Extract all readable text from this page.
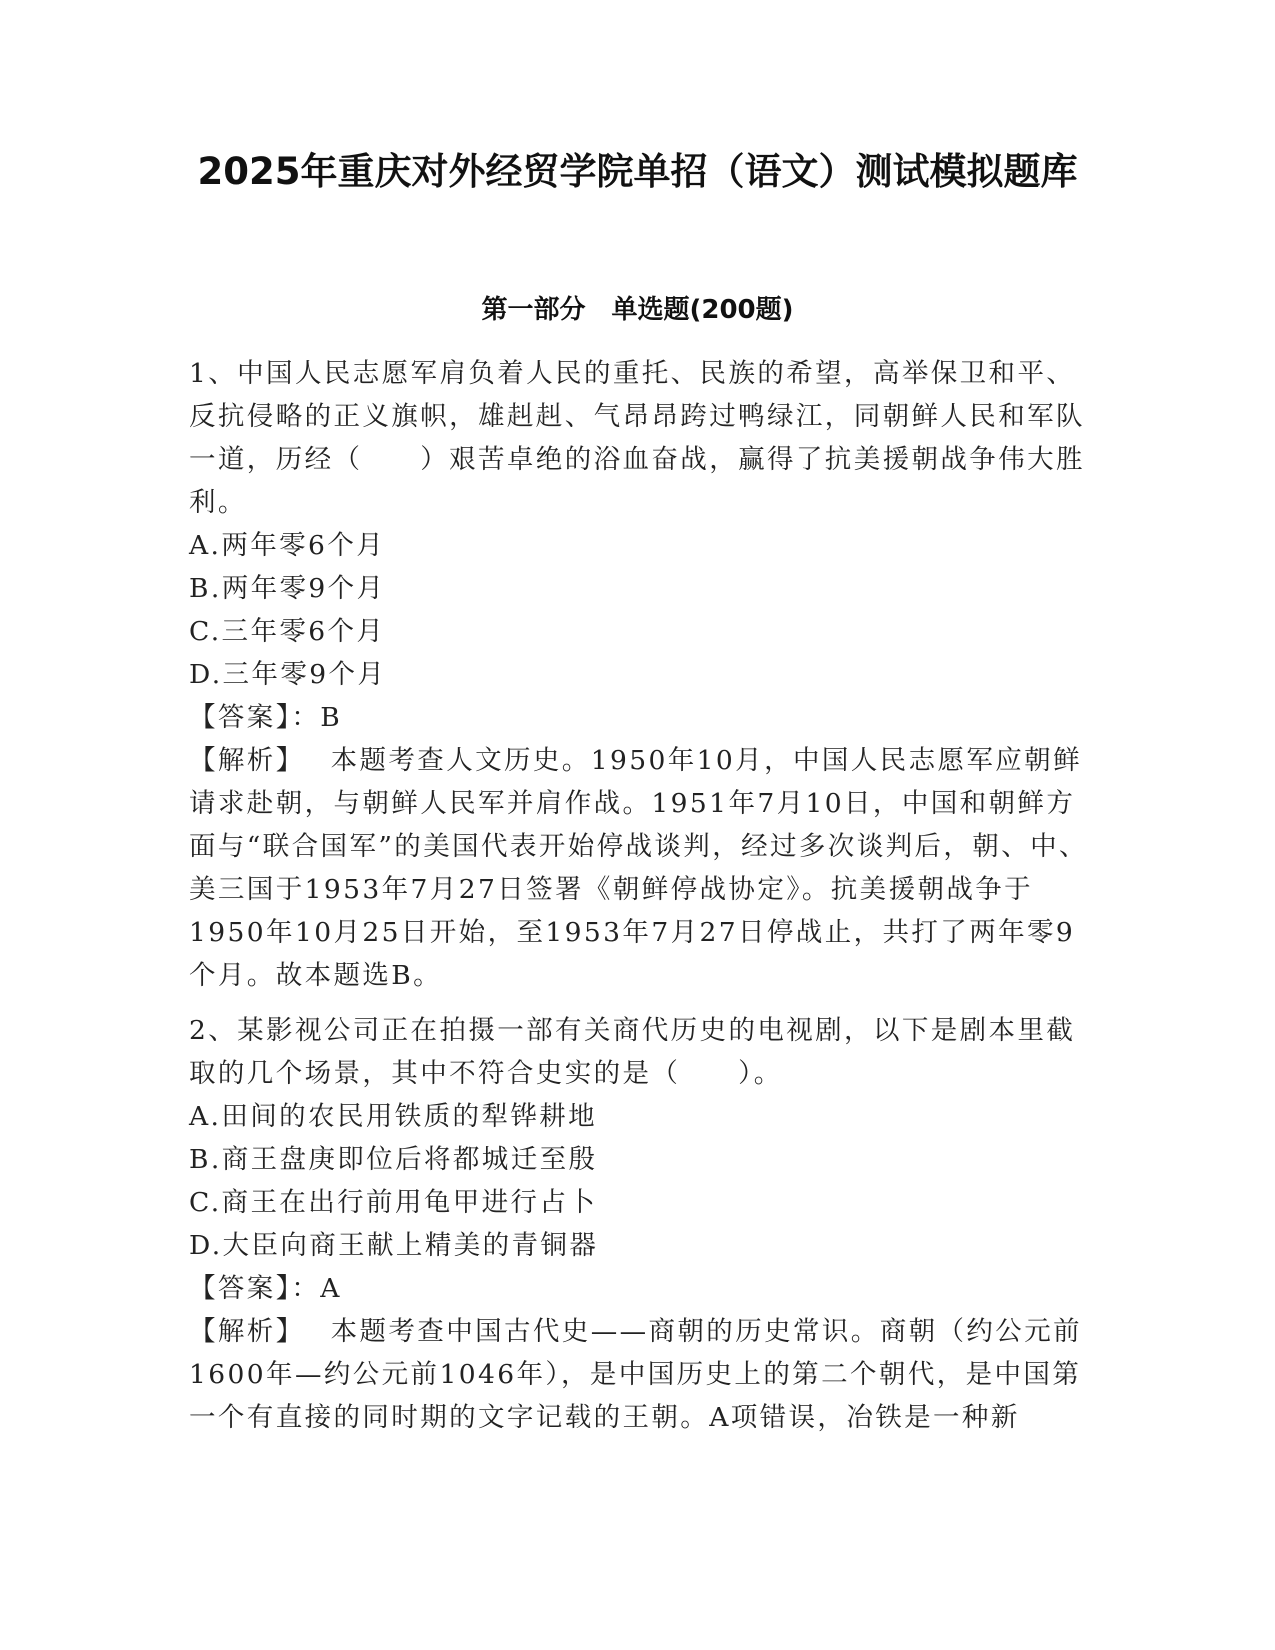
2025年重庆对外经贸学院单招（语文）测试模拟题库
第一部分　单选题(200题)

1、中国人民志愿军肩负着人民的重托、民族的希望，高举保卫和平、反抗侵略的正义旗帜，雄赳赳、气昂昂跨过鸭绿江，同朝鲜人民和军队一道，历经（　　）艰苦卓绝的浴血奋战，赢得了抗美援朝战争伟大胜利。

A.两年零6个月
B.两年零9个月
C.三年零6个月
D.三年零9个月

【答案】：B

【解析】 本题考查人文历史。1950年10月，中国人民志愿军应朝鲜请求赴朝，与朝鲜人民军并肩作战。1951年7月10日，中国和朝鲜方面与“联合国军”的美国代表开始停战谈判，经过多次谈判后，朝、中、美三国于1953年7月27日签署《朝鲜停战协定》。抗美援朝战争于1950年10月25日开始，至1953年7月27日停战止，共打了两年零9个月。故本题选B。

2、某影视公司正在拍摄一部有关商代历史的电视剧，以下是剧本里截取的几个场景，其中不符合史实的是（　　）。

A.田间的农民用铁质的犁铧耕地
B.商王盘庚即位后将都城迁至殷
C.商王在出行前用龟甲进行占卜
D.大臣向商王献上精美的青铜器

【答案】：A

【解析】 本题考查中国古代史——商朝的历史常识。商朝（约公元前1600年—约公元前1046年），是中国历史上的第二个朝代，是中国第一个有直接的同时期的文字记载的王朝。A项错误，冶铁是一种新
